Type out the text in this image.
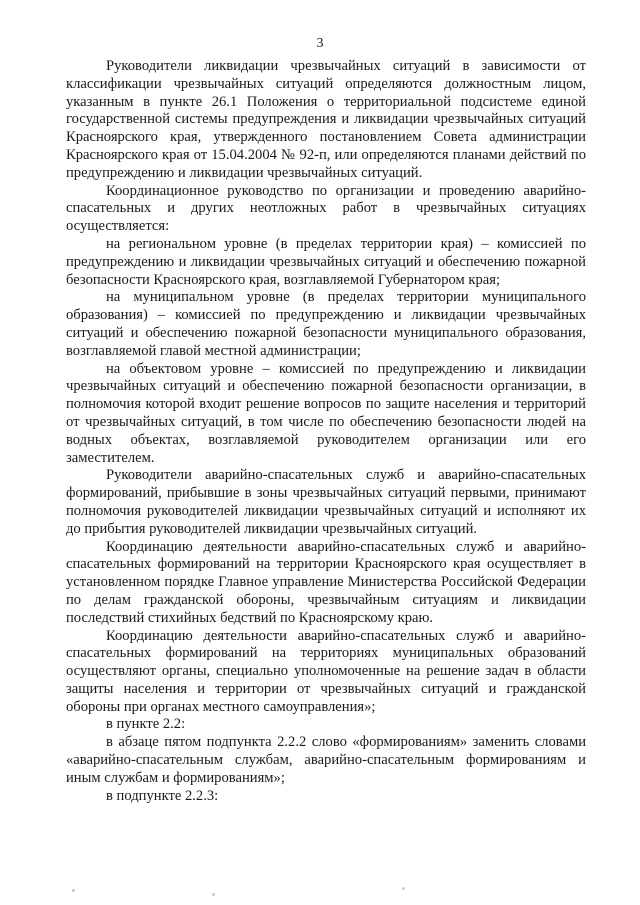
3

Руководители ликвидации чрезвычайных ситуаций в зависимости от классификации чрезвычайных ситуаций определяются должностным лицом, указанным в пункте 26.1 Положения о территориальной подсистеме единой государственной системы предупреждения и ликвидации чрезвычайных ситуаций Красноярского края, утвержденного постановлением Совета администрации Красноярского края от 15.04.2004 № 92-п, или определяются планами действий по предупреждению и ликвидации чрезвычайных ситуаций.

Координационное руководство по организации и проведению аварийно-спасательных и других неотложных работ в чрезвычайных ситуациях осуществляется:

на региональном уровне (в пределах территории края) – комиссией по предупреждению и ликвидации чрезвычайных ситуаций и обеспечению пожарной безопасности Красноярского края, возглавляемой Губернатором края;

на муниципальном уровне (в пределах территории муниципального образования) – комиссией по предупреждению и ликвидации чрезвычайных ситуаций и обеспечению пожарной безопасности муниципального образования, возглавляемой главой местной администрации;

на объектовом уровне – комиссией по предупреждению и ликвидации чрезвычайных ситуаций и обеспечению пожарной безопасности организации, в полномочия которой входит решение вопросов по защите населения и территорий от чрезвычайных ситуаций, в том числе по обеспечению безопасности людей на водных объектах, возглавляемой руководителем организации или его заместителем.

Руководители аварийно-спасательных служб и аварийно-спасательных формирований, прибывшие в зоны чрезвычайных ситуаций первыми, принимают полномочия руководителей ликвидации чрезвычайных ситуаций и исполняют их до прибытия руководителей ликвидации чрезвычайных ситуаций.

Координацию деятельности аварийно-спасательных служб и аварийно-спасательных формирований на территории Красноярского края осуществляет в установленном порядке Главное управление Министерства Российской Федерации по делам гражданской обороны, чрезвычайным ситуациям и ликвидации последствий стихийных бедствий по Красноярскому краю.

Координацию деятельности аварийно-спасательных служб и аварийно-спасательных формирований на территориях муниципальных образований осуществляют органы, специально уполномоченные на решение задач в области защиты населения и территории от чрезвычайных ситуаций и гражданской обороны при органах местного самоуправления»;

в пункте 2.2:

в абзаце пятом подпункта 2.2.2 слово «формированиям» заменить словами «аварийно-спасательным службам, аварийно-спасательным формированиям и иным службам и формированиям»;

в подпункте 2.2.3:
